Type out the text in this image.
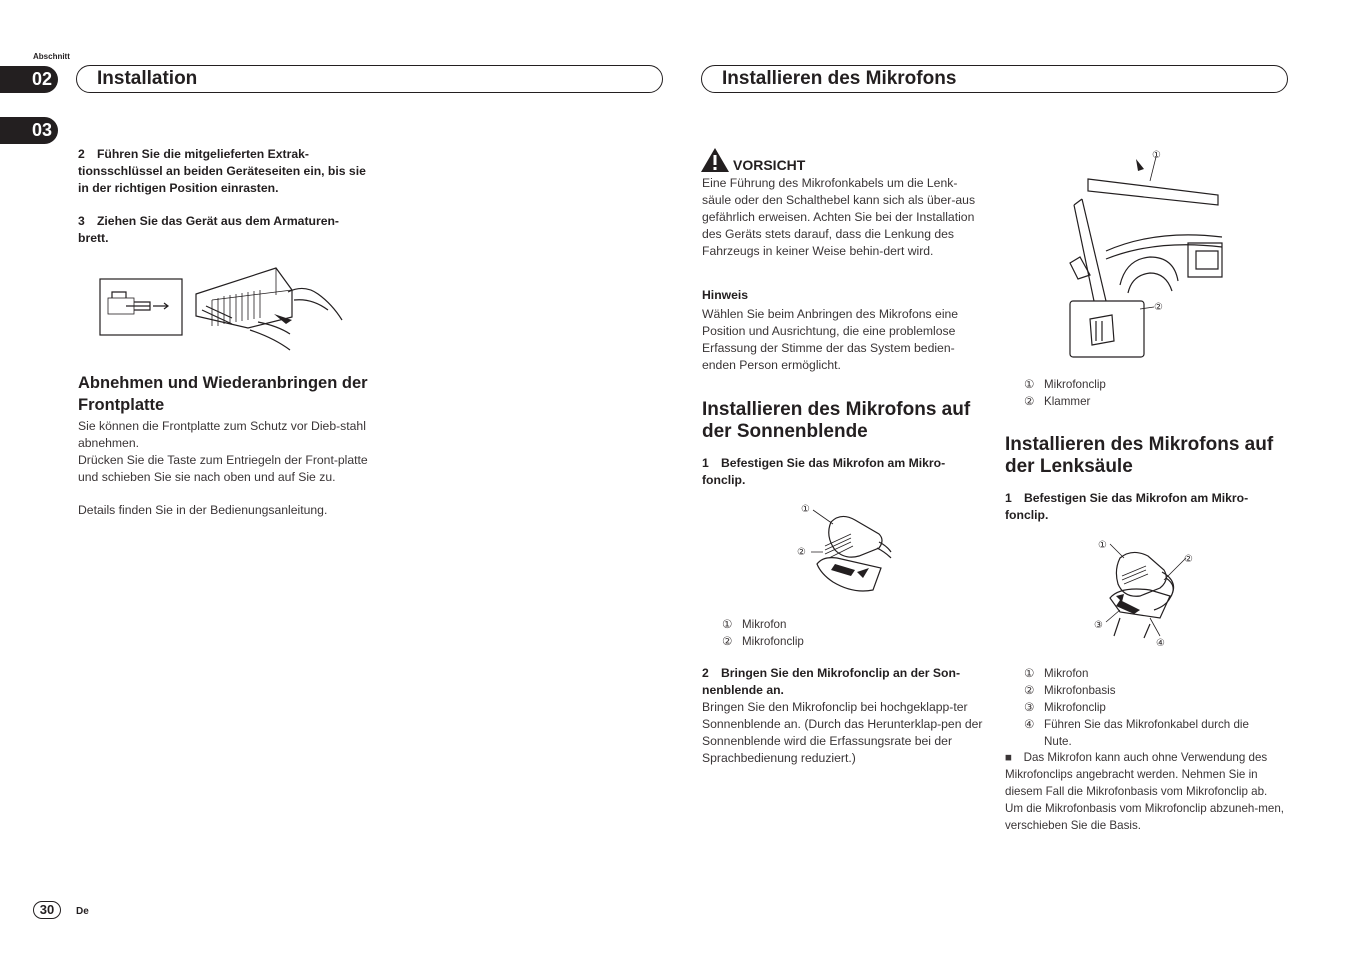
Abschnitt
02
03
Installation	Installieren des Mikrofons
2 Führen Sie die mitgelieferten Extrak-tionsschlüssel an beiden Geräteseiten ein, bis sie in der richtigen Position einrasten.
3 Ziehen Sie das Gerät aus dem Armaturen-brett.
Abnehmen und Wiederanbringen der Frontplatte
Sie können die Frontplatte zum Schutz vor Dieb-stahl abnehmen.
Drücken Sie die Taste zum Entriegeln der Front-platte und schieben Sie sie nach oben und auf Sie zu.
Details finden Sie in der Bedienungsanleitung.
VORSICHT
Eine Führung des Mikrofonkabels um die Lenk-säule oder den Schalthebel kann sich als über-aus gefährlich erweisen. Achten Sie bei der Installation des Geräts stets darauf, dass die Lenkung des Fahrzeugs in keiner Weise behin-dert wird.
Hinweis
Wählen Sie beim Anbringen des Mikrofons eine Position und Ausrichtung, die eine problemlose Erfassung der Stimme der das System bedien-enden Person ermöglicht.
Installieren des Mikrofons auf der Sonnenblende
1 Befestigen Sie das Mikrofon am Mikro-fonclip.
①
②
① Mikrofon
② Mikrofonclip
2 Bringen Sie den Mikrofonclip an der Son-nenblende an.
Bringen Sie den Mikrofonclip bei hochgeklapp-ter Sonnenblende an. (Durch das Herunterklap-pen der Sonnenblende wird die Erfassungsrate bei der Sprachbedienung reduziert.)
①
②
① Mikrofonclip
② Klammer
Installieren des Mikrofons auf der Lenksäule
1 Befestigen Sie das Mikrofon am Mikro-fonclip.
①
②
③
④
① Mikrofon
② Mikrofonbasis
③ Mikrofonclip
④ Führen Sie das Mikrofonkabel durch die Nute.
■ Das Mikrofon kann auch ohne Verwendung des Mikrofonclips angebracht werden. Nehmen Sie in diesem Fall die Mikrofonbasis vom Mikrofonclip ab. Um die Mikrofonbasis vom Mikrofonclip abzuneh-men, verschieben Sie die Basis.
30	De
